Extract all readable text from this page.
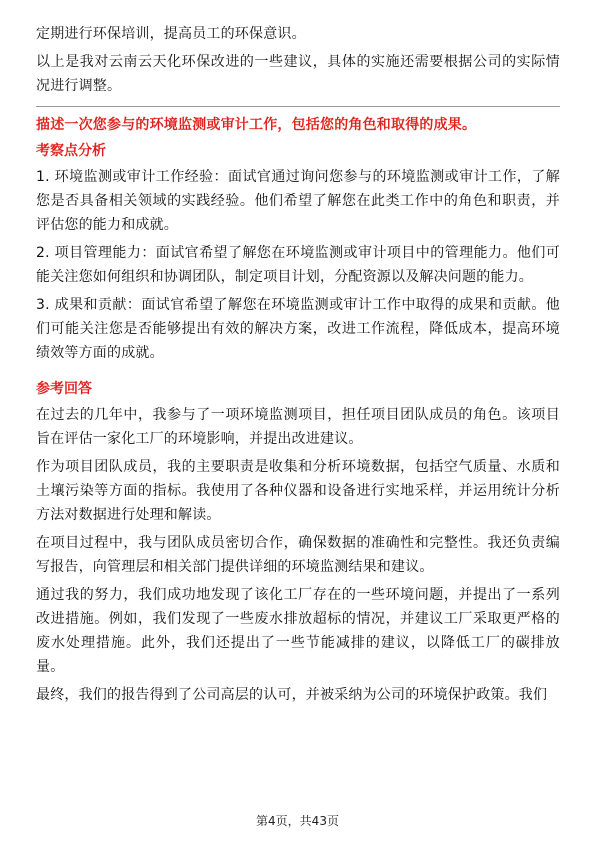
定期进行环保培训，提高员工的环保意识。

以上是我对云南云天化环保改进的一些建议，具体的实施还需要根据公司的实际情况进行调整。

描述一次您参与的环境监测或审计工作，包括您的角色和取得的成果。

考察点分析

1. 环境监测或审计工作经验：面试官通过询问您参与的环境监测或审计工作，了解您是否具备相关领域的实践经验。他们希望了解您在此类工作中的角色和职责，并评估您的能力和成就。

2. 项目管理能力：面试官希望了解您在环境监测或审计项目中的管理能力。他们可能关注您如何组织和协调团队，制定项目计划，分配资源以及解决问题的能力。

3. 成果和贡献：面试官希望了解您在环境监测或审计工作中取得的成果和贡献。他们可能关注您是否能够提出有效的解决方案，改进工作流程，降低成本，提高环境绩效等方面的成就。

参考回答

在过去的几年中，我参与了一项环境监测项目，担任项目团队成员的角色。该项目旨在评估一家化工厂的环境影响，并提出改进建议。

作为项目团队成员，我的主要职责是收集和分析环境数据，包括空气质量、水质和土壤污染等方面的指标。我使用了各种仪器和设备进行实地采样，并运用统计分析方法对数据进行处理和解读。

在项目过程中，我与团队成员密切合作，确保数据的准确性和完整性。我还负责编写报告，向管理层和相关部门提供详细的环境监测结果和建议。

通过我的努力，我们成功地发现了该化工厂存在的一些环境问题，并提出了一系列改进措施。例如，我们发现了一些废水排放超标的情况，并建议工厂采取更严格的废水处理措施。此外，我们还提出了一些节能减排的建议，以降低工厂的碳排放量。

最终，我们的报告得到了公司高层的认可，并被采纳为公司的环境保护政策。我们

第4页，共43页
